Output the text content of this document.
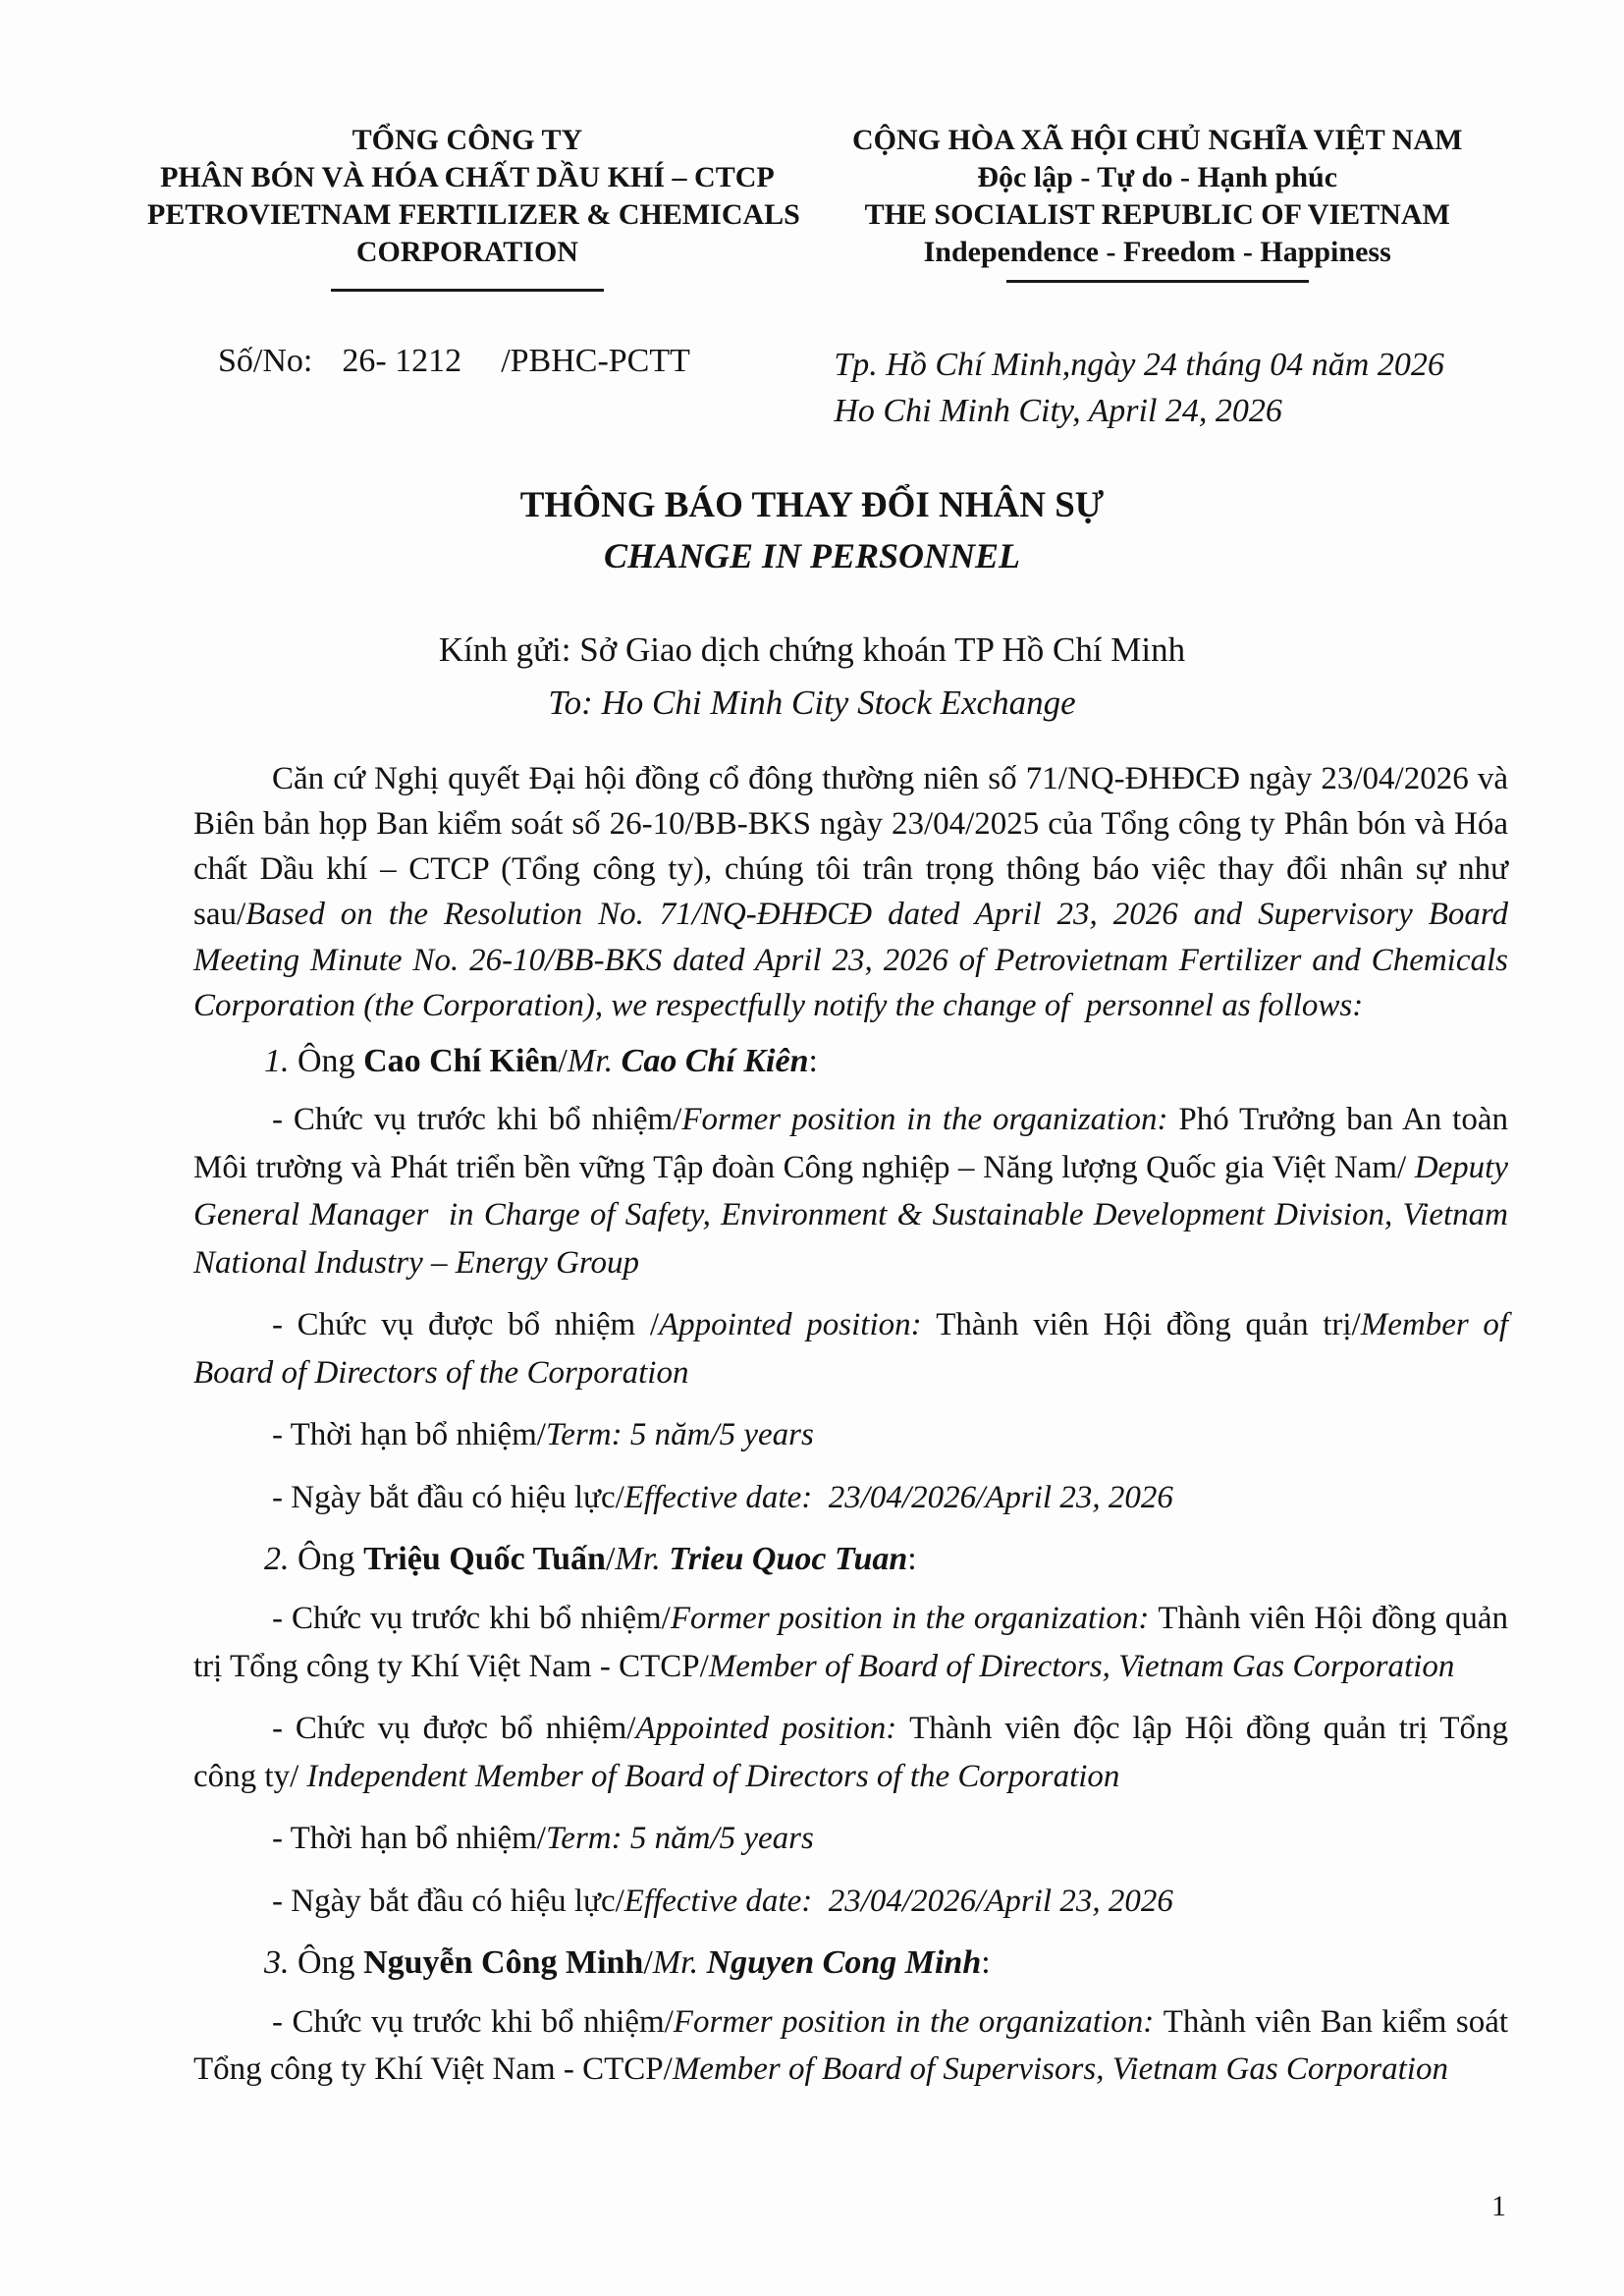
TỔNG CÔNG TY
PHÂN BÓN VÀ HÓA CHẤT DẦU KHÍ – CTCP
PETROVIETNAM FERTILIZER & CHEMICALS
CORPORATION
CỘNG HÒA XÃ HỘI CHỦ NGHĨA VIỆT NAM
Độc lập - Tự do - Hạnh phúc
THE SOCIALIST REPUBLIC OF VIETNAM
Independence - Freedom - Happiness
Số/No: 26- 1212 /PBHC-PCTT	Tp. Hồ Chí Minh,ngày 24 tháng 04 năm 2026
Ho Chi Minh City, April 24, 2026
THÔNG BÁO THAY ĐỔI NHÂN SỰ
CHANGE IN PERSONNEL
Kính gửi: Sở Giao dịch chứng khoán TP Hồ Chí Minh
To: Ho Chi Minh City Stock Exchange

Căn cứ Nghị quyết Đại hội đồng cổ đông thường niên số 71/NQ-ĐHĐCĐ ngày 23/04/2026 và Biên bản họp Ban kiểm soát số 26-10/BB-BKS ngày 23/04/2025 của Tổng công ty Phân bón và Hóa chất Dầu khí – CTCP (Tổng công ty), chúng tôi trân trọng thông báo việc thay đổi nhân sự như sau/Based on the Resolution No. 71/NQ-ĐHĐCĐ dated April 23, 2026 and Supervisory Board Meeting Minute No. 26-10/BB-BKS dated April 23, 2026 of Petrovietnam Fertilizer and Chemicals Corporation (the Corporation), we respectfully notify the change of  personnel as follows:

1. Ông Cao Chí Kiên/Mr. Cao Chí Kiên:

- Chức vụ trước khi bổ nhiệm/Former position in the organization: Phó Trưởng ban An toàn Môi trường và Phát triển bền vững Tập đoàn Công nghiệp – Năng lượng Quốc gia Việt Nam/ Deputy General Manager  in Charge of Safety, Environment & Sustainable Development Division, Vietnam National Industry – Energy Group

- Chức vụ được bổ nhiệm /Appointed position: Thành viên Hội đồng quản trị/Member of Board of Directors of the Corporation

- Thời hạn bổ nhiệm/Term: 5 năm/5 years

- Ngày bắt đầu có hiệu lực/Effective date:  23/04/2026/April 23, 2026

2. Ông Triệu Quốc Tuấn/Mr. Trieu Quoc Tuan:

- Chức vụ trước khi bổ nhiệm/Former position in the organization: Thành viên Hội đồng quản trị Tổng công ty Khí Việt Nam - CTCP/Member of Board of Directors, Vietnam Gas Corporation

- Chức vụ được bổ nhiệm/Appointed position: Thành viên độc lập Hội đồng quản trị Tổng công ty/ Independent Member of Board of Directors of the Corporation

- Thời hạn bổ nhiệm/Term: 5 năm/5 years

- Ngày bắt đầu có hiệu lực/Effective date:  23/04/2026/April 23, 2026

3. Ông Nguyễn Công Minh/Mr. Nguyen Cong Minh:

- Chức vụ trước khi bổ nhiệm/Former position in the organization: Thành viên Ban kiểm soát Tổng công ty Khí Việt Nam - CTCP/Member of Board of Supervisors, Vietnam Gas Corporation

1
